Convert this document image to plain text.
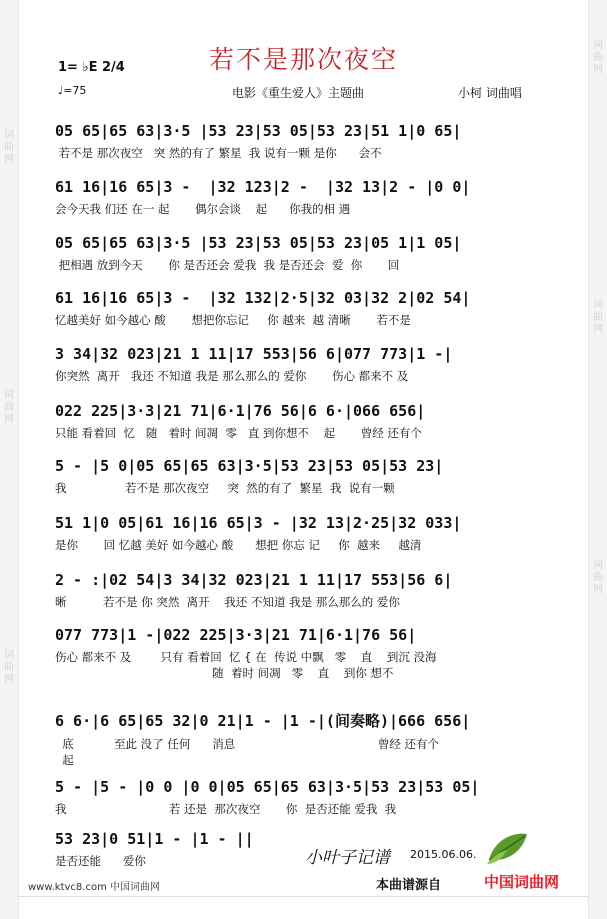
词
曲
网
词
曲
网
词
曲
网
词
曲
网
词
曲
网
词
曲
网
若不是那次夜空
1= ♭E 2/4
♩=75	电影《重生爱人》主题曲	小柯 词曲唱
05 65|65 63|3·5 |53 23|53 05|53 23|51 1|0 65|
若不是 那次夜空   突 然的有了 繁星  我 说有一颗 是你      会不
61 16|16 65|3 -  |32 123|2 -  |32 13|2 - |0 0|
会今天我 们还 在一 起       偶尔会谈    起      你我的相 遇
05 65|65 63|3·5 |53 23|53 05|53 23|05 1|1 05|
把相遇 放到今天       你 是否还会 爱我  我 是否还会  爱  你       回
61 16|16 65|3 -  |32 132|2·5|32 03|32 2|02 54|
忆越美好 如今越心 酸       想把你忘记     你 越来  越 清晰       若不是
3 34|32 023|21 1 11|17 553|56 6|077 773|1 -|
你突然  离开   我还 不知道 我是 那么那么的 爱你       伤心 都来不 及
022 225|3·3|21 71|6·1|76 56|6 6·|066 656|
只能 看着回  忆   随   着时 间凋  零   直 到你想不    起       曾经 还有个
5 - |5 0|05 65|65 63|3·5|53 23|53 05|53 23|
我                若不是 那次夜空     突  然的有了  繁星  我  说有一颗
51 1|0 05|61 16|16 65|3 - |32 13|2·25|32 033|
是你       回 忆越 美好 如今越心 酸      想把 你忘 记     你  越来     越清
2 - :|02 54|3 34|32 023|21 1 11|17 553|56 6|
晰          若不是 你 突然  离开    我还 不知道 我是 那么那么的 爱你
077 773|1 -|022 225|3·3|21 71|6·1|76 56|
伤心 都来不 及        只有 看着回  忆 { 在  传说 中飘   零    直    到沉 没海
随  着时 间凋   零    直    到你 想不
6 6·|6 65|65 32|0 21|1 - |1 -|(间奏略)|666 656|
底           至此 没了 任何      消息                                       曾经 还有个
起
5 - |5 - |0 0 |0 0|05 65|65 63|3·5|53 23|53 05|
我                            若 还是  那次夜空       你  是否还能 爱我  我
53 23|0 51|1 - |1 - ||
是否还能      爱你	小叶子记谱 2015.06.06.
www.ktvc8.com 中国词曲网	本曲谱源自	中国词曲网
